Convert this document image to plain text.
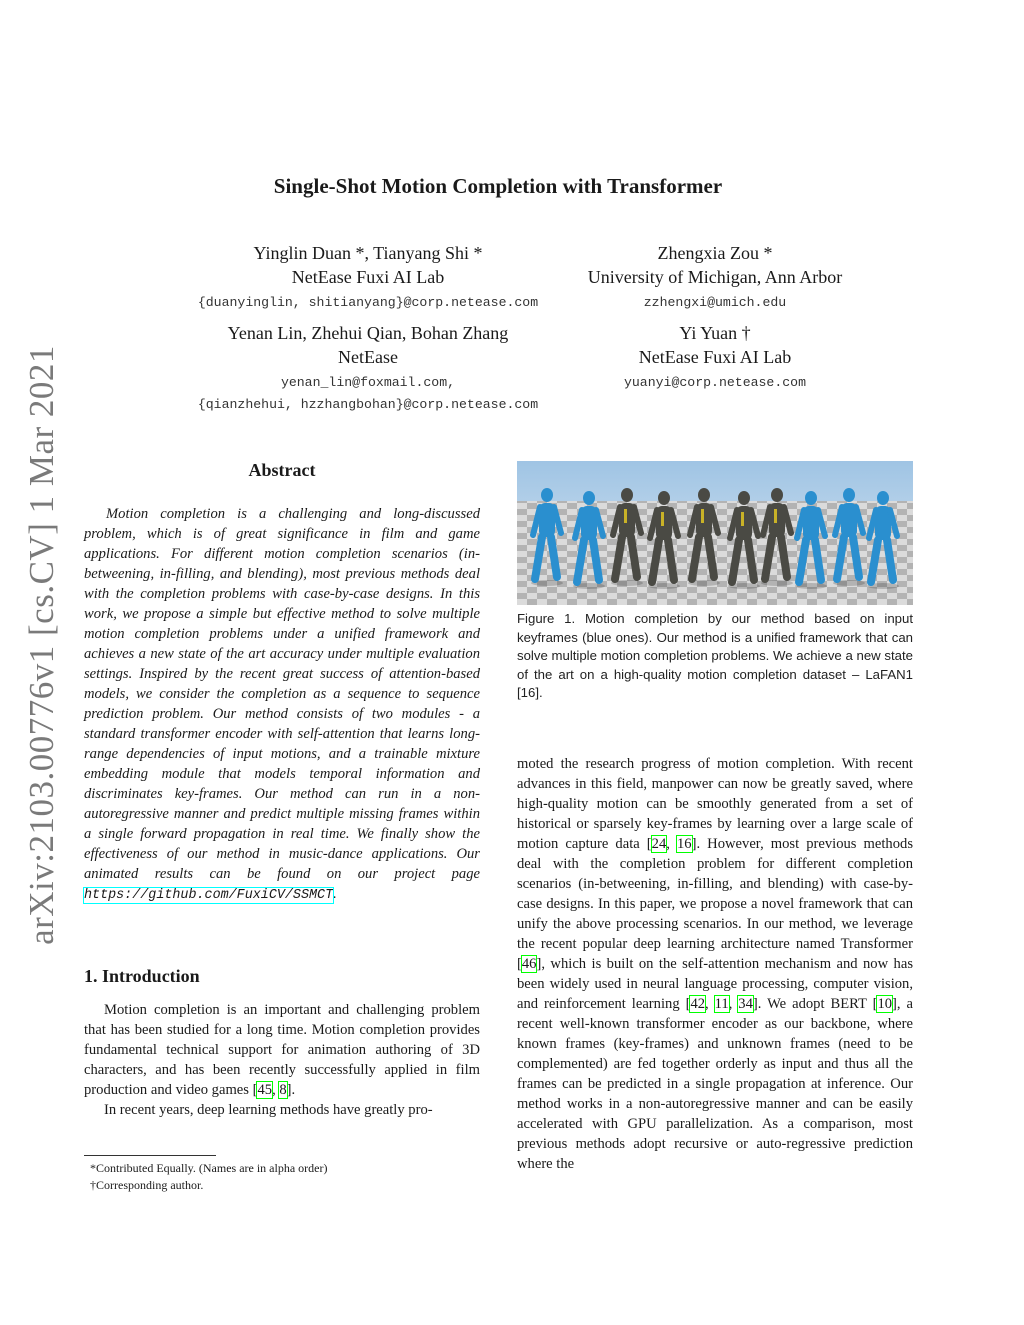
arXiv:2103.00776v1 [cs.CV] 1 Mar 2021
Single-Shot Motion Completion with Transformer
Yinglin Duan *, Tianyang Shi *
NetEase Fuxi AI Lab
{duanyinglin, shitianyang}@corp.netease.com
Zhengxia Zou *
University of Michigan, Ann Arbor
zzhengxi@umich.edu
Yenan Lin, Zhehui Qian, Bohan Zhang
NetEase
yenan_lin@foxmail.com,
{qianzhehui, hzzhangbohan}@corp.netease.com
Yi Yuan †
NetEase Fuxi AI Lab
yuanyi@corp.netease.com
Abstract
Motion completion is a challenging and long-discussed problem, which is of great significance in film and game applications. For different motion completion scenarios (in-betweening, in-filling, and blending), most previous methods deal with the completion problems with case-by-case designs. In this work, we propose a simple but effective method to solve multiple motion completion problems under a unified framework and achieves a new state of the art accuracy under multiple evaluation settings. Inspired by the recent great success of attention-based models, we consider the completion as a sequence to sequence prediction problem. Our method consists of two modules - a standard transformer encoder with self-attention that learns long-range dependencies of input motions, and a trainable mixture embedding module that models temporal information and discriminates key-frames. Our method can run in a non-autoregressive manner and predict multiple missing frames within a single forward propagation in real time. We finally show the effectiveness of our method in music-dance applications. Our animated results can be found on our project page https://github.com/FuxiCV/SSMCT.
Figure 1. Motion completion by our method based on input keyframes (blue ones). Our method is a unified framework that can solve multiple motion completion problems. We achieve a new state of the art on a high-quality motion completion dataset – LaFAN1 [16].
1. Introduction

Motion completion is an important and challenging problem that has been studied for a long time. Motion completion provides fundamental technical support for animation authoring of 3D characters, and has been recently successfully applied in film production and video games [45, 8].

In recent years, deep learning methods have greatly pro-

moted the research progress of motion completion. With recent advances in this field, manpower can now be greatly saved, where high-quality motion can be smoothly generated from a set of historical or sparsely key-frames by learning over a large scale of motion capture data [24, 16]. However, most previous methods deal with the completion problem for different completion scenarios (in-betweening, in-filling, and blending) with case-by-case designs. In this paper, we propose a novel framework that can unify the above processing scenarios. In our method, we leverage the recent popular deep learning architecture named Transformer [46], which is built on the self-attention mechanism and now has been widely used in neural language processing, computer vision, and reinforcement learning [42, 11, 34]. We adopt BERT [10], a recent well-known transformer encoder as our backbone, where known frames (key-frames) and unknown frames (need to be complemented) are fed together orderly as input and thus all the frames can be predicted in a single propagation at inference. Our method works in a non-autoregressive manner and can be easily accelerated with GPU parallelization. As a comparison, most previous methods adopt recursive or auto-regressive prediction where the

*Contributed Equally. (Names are in alpha order)
†Corresponding author.
